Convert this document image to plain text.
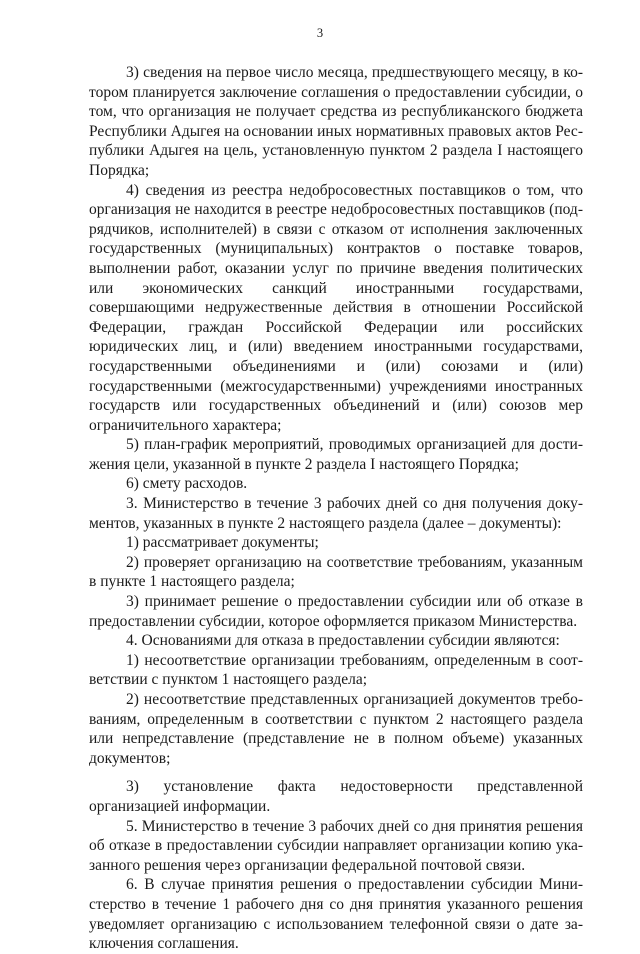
3

3) сведения на первое число месяца, предшествующего месяцу, в котором планируется заключение соглашения о предоставлении субсидии, о том, что организация не получает средства из республиканского бюджета Республики Адыгея на основании иных нормативных правовых актов Республики Адыгея на цель, установленную пунктом 2 раздела I настоящего Порядка;

4) сведения из реестра недобросовестных поставщиков о том, что организация не находится в реестре недобросовестных поставщиков (подрядчиков, исполнителей) в связи с отказом от исполнения заключенных государственных (муниципальных) контрактов о поставке товаров, выполнении работ, оказании услуг по причине введения политических или экономических санкций иностранными государствами, совершающими недружественные действия в отношении Российской Федерации, граждан Российской Федерации или российских юридических лиц, и (или) введением иностранными государствами, государственными объединениями и (или) союзами и (или) государственными (межгосударственными) учреждениями иностранных государств или государственных объединений и (или) союзов мер ограничительного характера;

5) план-график мероприятий, проводимых организацией для достижения цели, указанной в пункте 2 раздела I настоящего Порядка;

6) смету расходов.

3. Министерство в течение 3 рабочих дней со дня получения документов, указанных в пункте 2 настоящего раздела (далее – документы):

1) рассматривает документы;

2) проверяет организацию на соответствие требованиям, указанным в пункте 1 настоящего раздела;

3) принимает решение о предоставлении субсидии или об отказе в предоставлении субсидии, которое оформляется приказом Министерства.

4. Основаниями для отказа в предоставлении субсидии являются:

1) несоответствие организации требованиям, определенным в соответствии с пунктом 1 настоящего раздела;

2) несоответствие представленных организацией документов требованиям, определенным в соответствии с пунктом 2 настоящего раздела или непредставление (представление не в полном объеме) указанных документов;

3) установление факта недостоверности представленной организацией информации.

5. Министерство в течение 3 рабочих дней со дня принятия решения об отказе в предоставлении субсидии направляет организации копию указанного решения через организации федеральной почтовой связи.

6. В случае принятия решения о предоставлении субсидии Министерство в течение 1 рабочего дня со дня принятия указанного решения уведомляет организацию с использованием телефонной связи о дате заключения соглашения.
